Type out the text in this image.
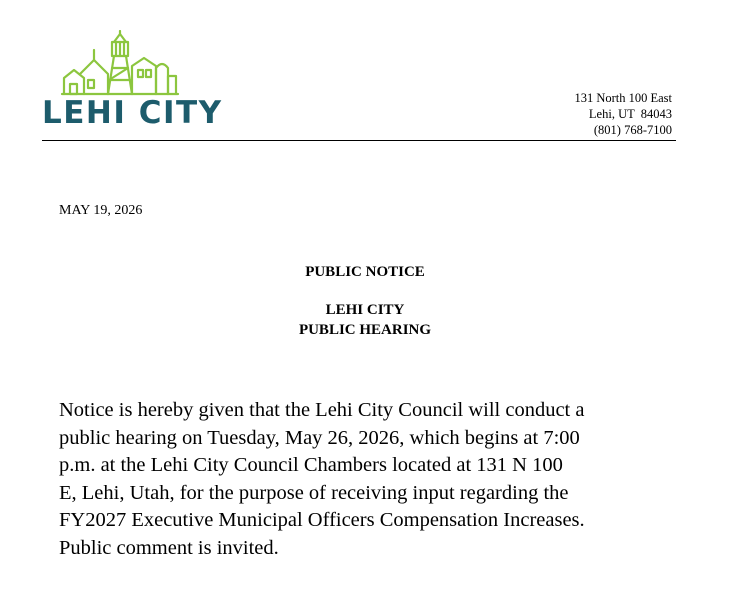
LEHI CITY	131 North 100 East
Lehi, UT  84043
(801) 768-7100
MAY 19, 2026
PUBLIC NOTICE
LEHI CITY
PUBLIC HEARING
Notice is hereby given that the Lehi City Council will conduct a
public hearing on Tuesday, May 26, 2026, which begins at 7:00
p.m. at the Lehi City Council Chambers located at 131 N 100
E, Lehi, Utah, for the purpose of receiving input regarding the
FY2027 Executive Municipal Officers Compensation Increases.
Public comment is invited.
